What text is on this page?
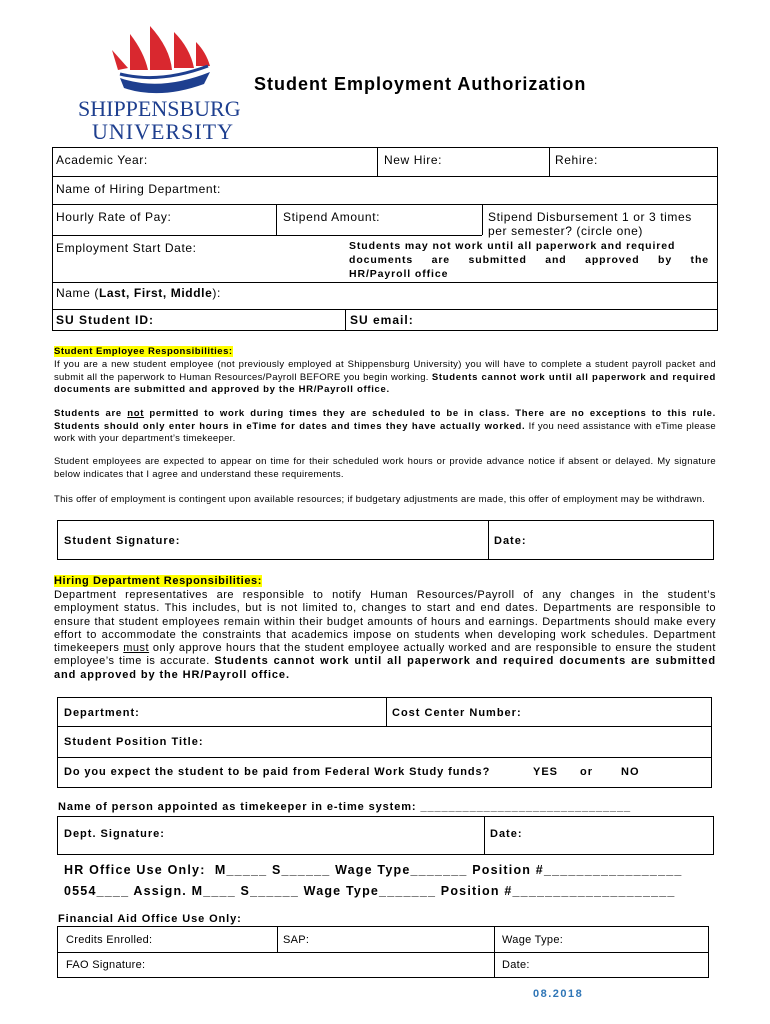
SHIPPENSBURG
UNIVERSITY
Student Employment Authorization
Academic Year:	New Hire:	Rehire:
Name of Hiring Department:
Hourly Rate of Pay:	Stipend Amount:	Stipend Disbursement 1 or 3 times
per semester? (circle one)
Employment Start Date:	Students may not work until all paperwork and required
documents are submitted and approved by the
HR/Payroll office
Name (Last, First, Middle):
SU Student ID:	SU email:
Student Employee Responsibilities:
If you are a new student employee (not previously employed at Shippensburg University) you will have to complete a student payroll packet and submit all the paperwork to Human Resources/Payroll BEFORE you begin working. Students cannot work until all paperwork and required documents are submitted and approved by the HR/Payroll office.
Students are not permitted to work during times they are scheduled to be in class. There are no exceptions to this rule. Students should only enter hours in eTime for dates and times they have actually worked. If you need assistance with eTime please work with your department’s timekeeper.
Student employees are expected to appear on time for their scheduled work hours or provide advance notice if absent or delayed. My signature below indicates that I agree and understand these requirements.
This offer of employment is contingent upon available resources; if budgetary adjustments are made, this offer of employment may be withdrawn.
Student Signature:	Date:
Hiring Department Responsibilities:
Department representatives are responsible to notify Human Resources/Payroll of any changes in the student’s employment status. This includes, but is not limited to, changes to start and end dates. Departments are responsible to ensure that student employees remain within their budget amounts of hours and earnings. Departments should make every effort to accommodate the constraints that academics impose on students when developing work schedules. Department timekeepers must only approve hours that the student employee actually worked and are responsible to ensure the student employee’s time is accurate. Students cannot work until all paperwork and required documents are submitted and approved by the HR/Payroll office.
Department:	Cost Center Number:
Student Position Title:
Do you expect the student to be paid from Federal Work Study funds?	YES or	NO
Name of person appointed as timekeeper in e-time system: ______________________________
Dept. Signature:	Date:
HR Office Use Only:  M_____ S______ Wage Type_______ Position #_________________
0554____ Assign. M____ S______ Wage Type_______ Position #____________________
Financial Aid Office Use Only:
Credits Enrolled:	SAP:	Wage Type:
FAO Signature:	Date:
08.2018
